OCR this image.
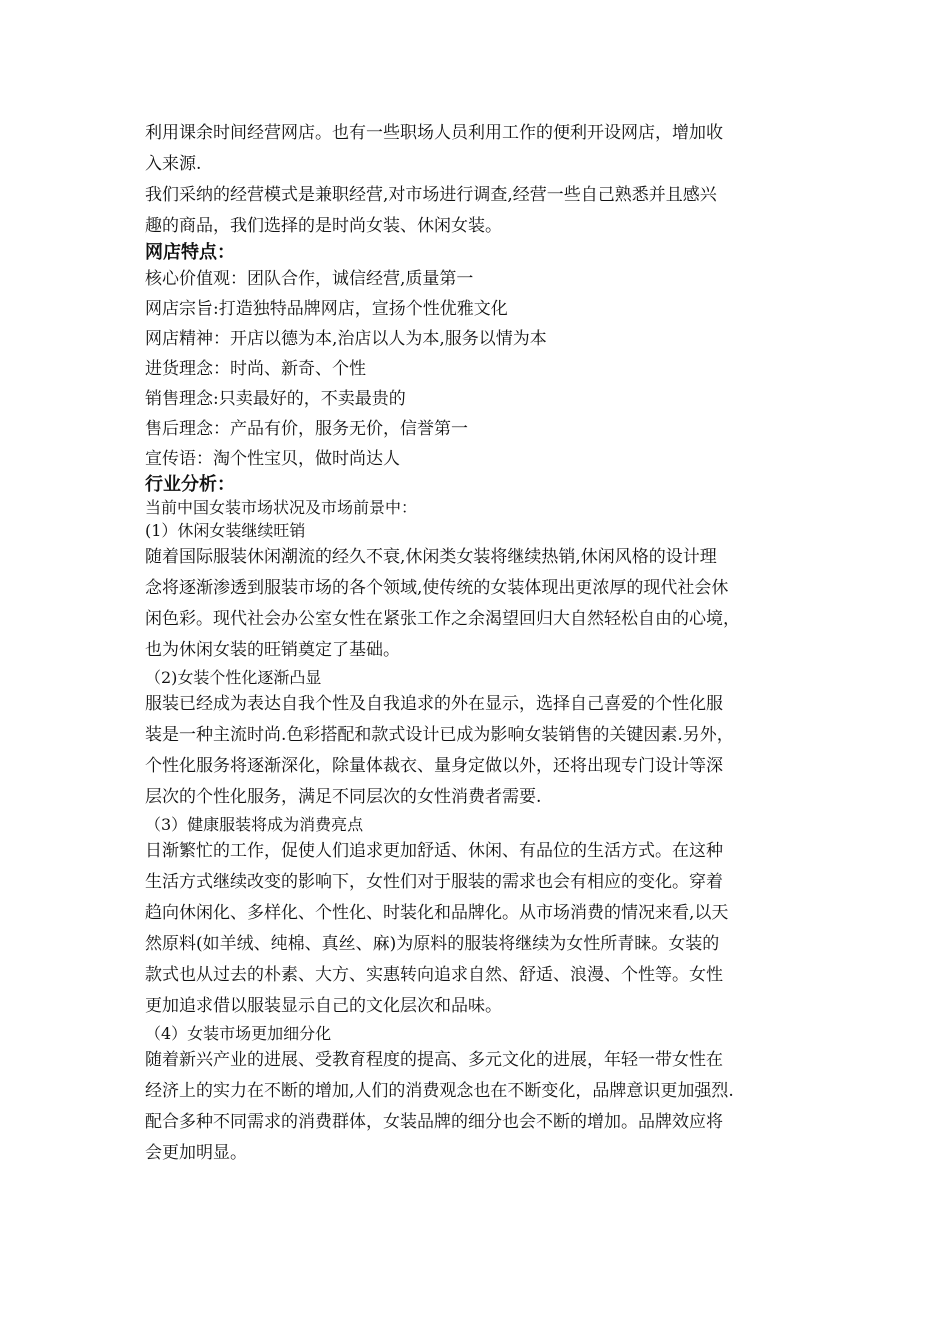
利用课余时间经营网店。也有一些职场人员利用工作的便利开设网店，增加收

入来源.

我们采纳的经营模式是兼职经营,对市场进行调查,经营一些自己熟悉并且感兴

趣的商品，我们选择的是时尚女装、休闲女装。

网店特点：

核心价值观：团队合作，诚信经营,质量第一

网店宗旨:打造独特品牌网店，宣扬个性优雅文化

网店精神：开店以德为本,治店以人为本,服务以情为本

进货理念：时尚、新奇、个性

销售理念:只卖最好的，不卖最贵的

售后理念：产品有价，服务无价，信誉第一

宣传语：淘个性宝贝，做时尚达人

行业分析：

当前中国女装市场状况及市场前景中：

(1）休闲女装继续旺销

随着国际服装休闲潮流的经久不衰,休闲类女装将继续热销,休闲风格的设计理

念将逐渐渗透到服装市场的各个领域,使传统的女装体现出更浓厚的现代社会休

闲色彩。现代社会办公室女性在紧张工作之余渴望回归大自然轻松自由的心境，

也为休闲女装的旺销奠定了基础。

（2)女装个性化逐渐凸显

服装已经成为表达自我个性及自我追求的外在显示，选择自己喜爱的个性化服

装是一种主流时尚.色彩搭配和款式设计已成为影响女装销售的关键因素.另外，

个性化服务将逐渐深化，除量体裁衣、量身定做以外，还将出现专门设计等深

层次的个性化服务，满足不同层次的女性消费者需要.

（3）健康服装将成为消费亮点

日渐繁忙的工作，促使人们追求更加舒适、休闲、有品位的生活方式。在这种

生活方式继续改变的影响下，女性们对于服装的需求也会有相应的变化。穿着

趋向休闲化、多样化、个性化、时装化和品牌化。从市场消费的情况来看,以天

然原料(如羊绒、纯棉、真丝、麻)为原料的服装将继续为女性所青睐。女装的

款式也从过去的朴素、大方、实惠转向追求自然、舒适、浪漫、个性等。女性

更加追求借以服装显示自己的文化层次和品味。

（4）女装市场更加细分化

随着新兴产业的进展、受教育程度的提高、多元文化的进展，年轻一带女性在

经济上的实力在不断的增加,人们的消费观念也在不断变化，品牌意识更加强烈.

配合多种不同需求的消费群体，女装品牌的细分也会不断的增加。品牌效应将

会更加明显。
